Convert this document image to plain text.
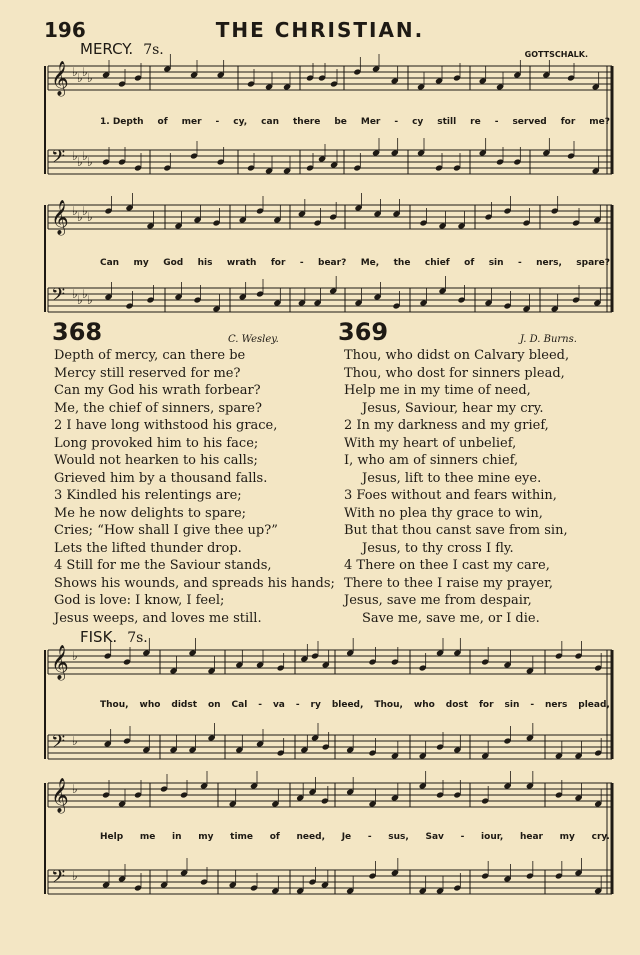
196	THE CHRISTIAN.
𝄞 ♭ ♭ ♭ ♭
𝄢 ♭ ♭ ♭ ♭
𝄞 ♭ ♭ ♭ ♭
𝄢 ♭ ♭ ♭ ♭
𝄞 ♭
𝄢 ♭
𝄞 ♭
𝄢 ♭
MERCY. 7s.	GOTTSCHALK.
1. Depth of mer - cy, can there be Mer - cy still re - served for me?
Can my God his wrath for - bear? Me, the chief of sin - ners, spare?
368	C. Wesley.
Depth of mercy, can there be
Mercy still reserved for me?
Can my God his wrath forbear?
Me, the chief of sinners, spare?
2 I have long withstood his grace,
Long provoked him to his face;
Would not hearken to his calls;
Grieved him by a thousand falls.
3 Kindled his relentings are;
Me he now delights to spare;
Cries; “How shall I give thee up?”
Lets the lifted thunder drop.
4 Still for me the Saviour stands,
Shows his wounds, and spreads his hands;
God is love: I know, I feel;
Jesus weeps, and loves me still.
369	J. D. Burns.
Thou, who didst on Calvary bleed,
Thou, who dost for sinners plead,
Help me in my time of need,
Jesus, Saviour, hear my cry.
2 In my darkness and my grief,
With my heart of unbelief,
I, who am of sinners chief,
Jesus, lift to thee mine eye.
3 Foes without and fears within,
With no plea thy grace to win,
But that thou canst save from sin,
Jesus, to thy cross I fly.
4 There on thee I cast my care,
There to thee I raise my prayer,
Jesus, save me from despair,
Save me, save me, or I die.
FISK. 7s.
Thou, who didst on Cal - va - ry bleed, Thou, who dost for sin - ners plead,
Help me in my time of need, Je - sus, Sav - iour, hear my cry.
